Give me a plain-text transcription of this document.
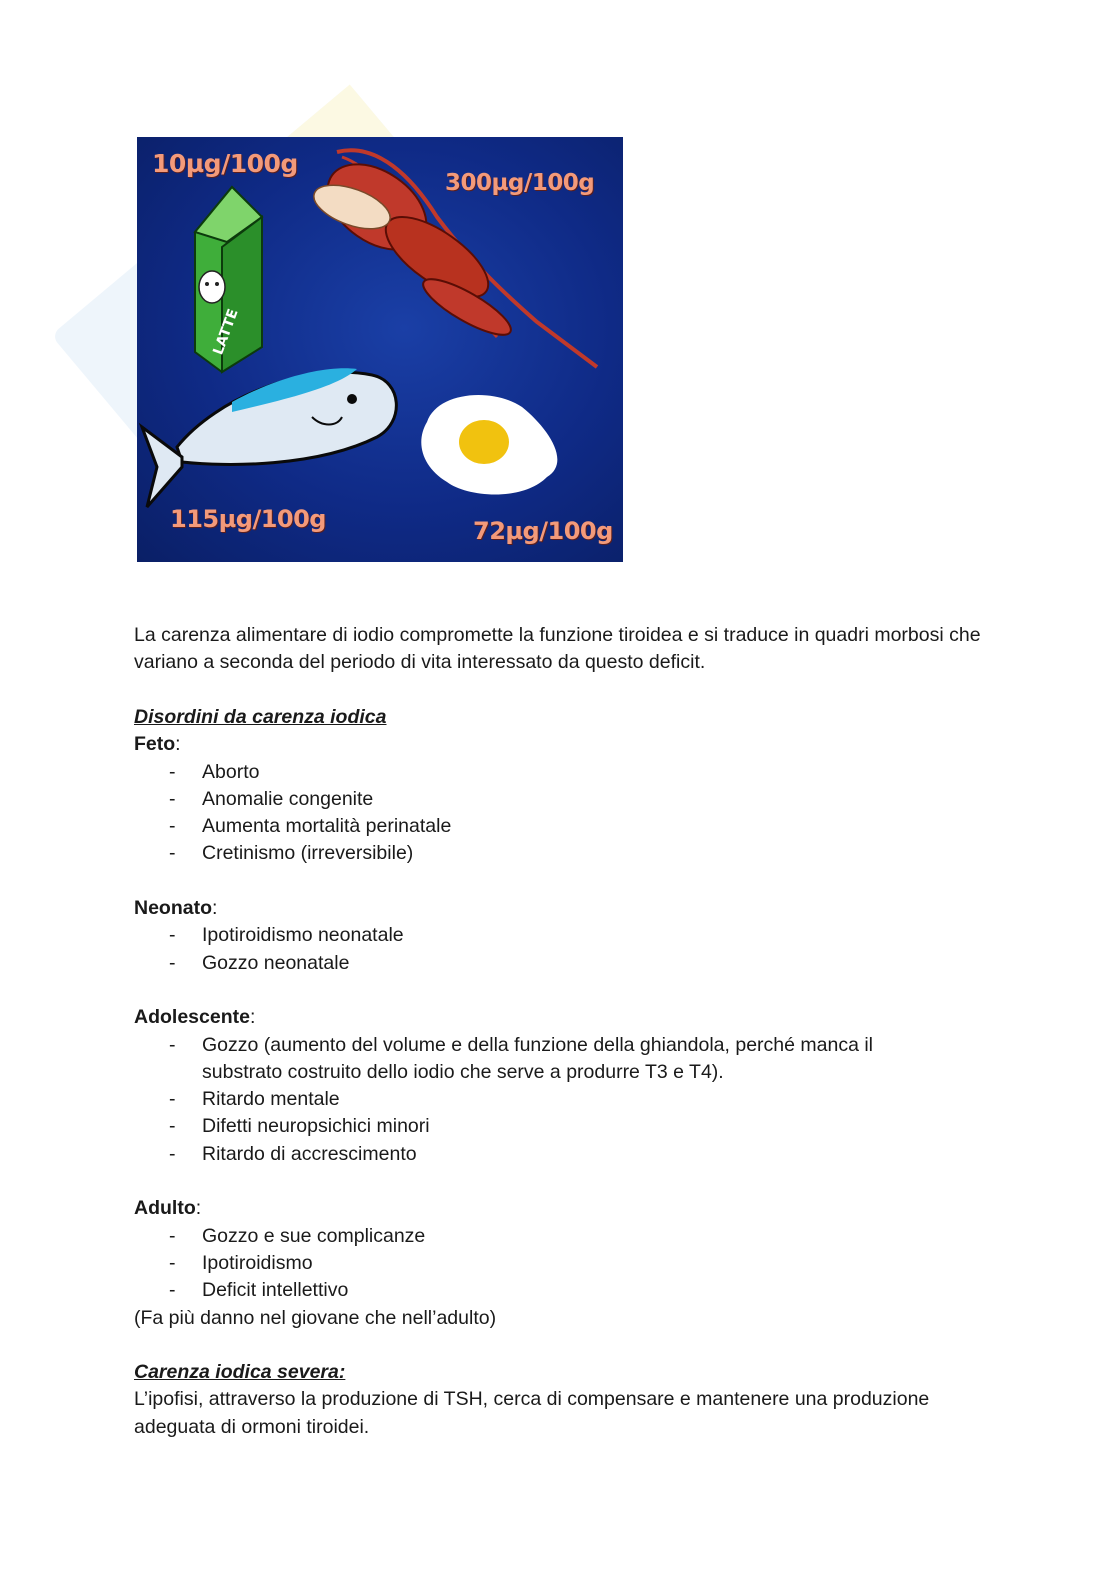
LATTE
10µg/100g
300µg/100g
115µg/100g	72µg/100g

La carenza alimentare di iodio compromette la funzione tiroidea e si traduce in quadri morbosi che variano a seconda del periodo di vita interessato da questo deficit.

Disordini da carenza iodica

Feto:

- Aborto
- Anomalie congenite
- Aumenta mortalità perinatale
- Cretinismo (irreversibile)

Neonato:

- Ipotiroidismo neonatale
- Gozzo neonatale

Adolescente:

- Gozzo (aumento del volume e della funzione della ghiandola, perché manca il substrato costruito dello iodio che serve a produrre T3 e T4).
- Ritardo mentale
- Difetti neuropsichici minori
- Ritardo di accrescimento

Adulto:

- Gozzo e sue complicanze
- Ipotiroidismo
- Deficit intellettivo

(Fa più danno nel giovane che nell’adulto)

Carenza iodica severa:

L’ipofisi, attraverso la produzione di TSH, cerca di compensare e mantenere una produzione adeguata di ormoni tiroidei.
